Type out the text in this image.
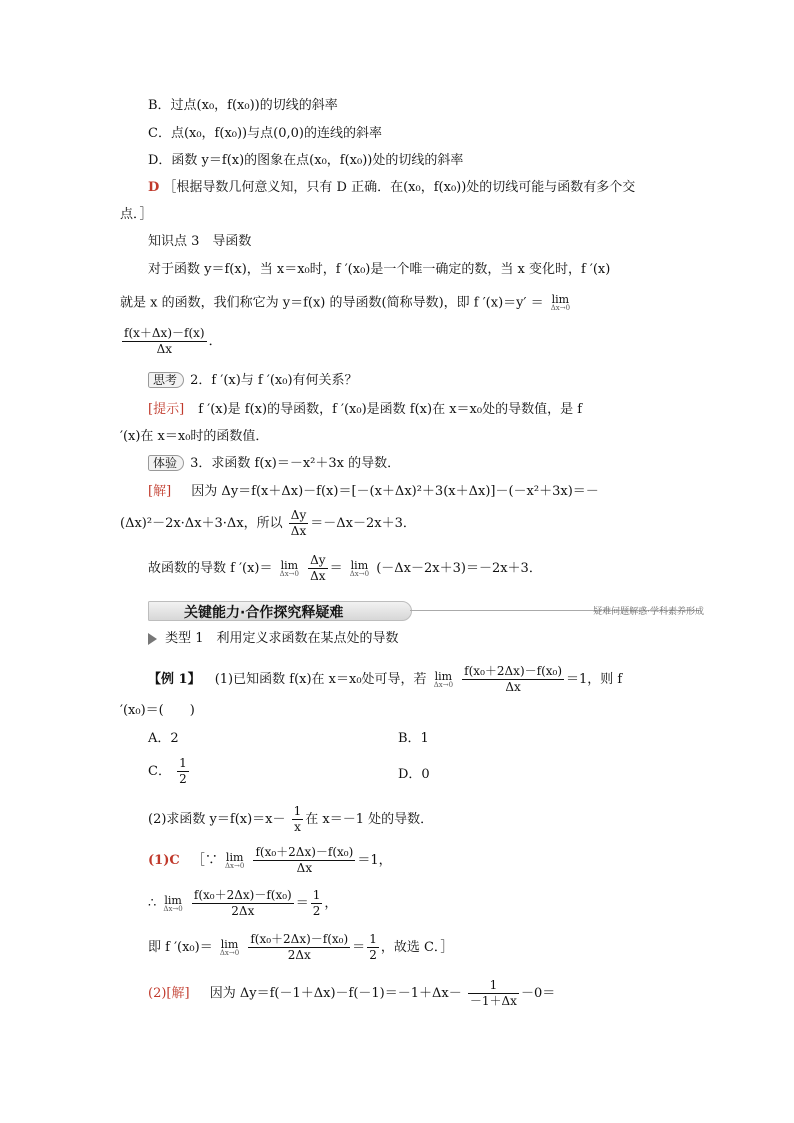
B．过点(x₀，f(x₀))的切线的斜率
C．点(x₀，f(x₀))与点(0,0)的连线的斜率
D．函数 y＝f(x)的图象在点(x₀，f(x₀))处的切线的斜率
D ［根据导数几何意义知，只有 D 正确．在(x₀，f(x₀))处的切线可能与函数有多个交
点．］
知识点 3　导函数
对于函数 y＝f(x)，当 x＝x₀时，f ′(x₀)是一个唯一确定的数，当 x 变化时，f ′(x)
就是 x 的函数，我们称它为 y＝f(x) 的导函数(简称导数)，即 f ′(x)＝y′ ＝ lim
Δx→0
$\frac{f(x+\Delta x)-f(x)}{\Delta x}$ ．
思考 2．f ′(x)与 f ′(x₀)有何关系？
[提示] f ′(x)是 f(x)的导函数，f ′(x₀)是函数 f(x)在 x＝x₀处的导数值，是 f
′(x)在 x＝x₀时的函数值．
体验 3．求函数 f(x)＝－x²＋3x 的导数．
[解] 因为 Δy＝f(x＋Δx)－f(x)＝[－(x＋Δx)²＋3(x＋Δx)]－(－x²＋3x)＝－
(Δx)²－2x·Δx＋3·Δx，所以 $\frac{\Delta y}{\Delta x} =-\Delta x-2x+3$．
故函数的导数 f ′(x)＝ lim
Δx→0
$\frac{\Delta y}{\Delta x} = \lim$
Δx→0 (－Δx－2x＋3)＝－2x＋3．
关键能力·合作探究释疑难	疑难问题解惑·学科素养形成
类型 1　利用定义求函数在某点处的导数
【例 1】 (1)已知函数 f(x)在 x＝x₀处可导，若 lim
Δx→0
$\frac{\text{f(x₀＋2Δx)－f(x₀)}}{\Delta x} =1$，则 f
′(x₀)＝(　　)
A．2	B．1
C． $\frac{1}{2}$	D．0
(2)求函数 $y=f(x)=x- \frac{1}{x}$ 在 x＝－1 处的导数．
(1)C ［∵ lim
Δx→0
$\frac{\text{f(x₀＋2Δx)－f(x₀)}}{\Delta x} =1$，
∴ lim
Δx→0
$\frac{\text{f(x₀＋2Δx)－f(x₀)}}{2\Delta x} = \frac{1}{2}$ ，
即 f ′(x₀)＝ lim
Δx→0
$\frac{\text{f(x₀＋2Δx)－f(x₀)}}{2\Delta x} = \frac{1}{2}$ ，故选 C．］
(2)[解] 因为 $\Delta y=f(-1+\Delta x)-f(-1)=-1+\Delta x- \frac{1}{-1+\Delta x} -0=$
